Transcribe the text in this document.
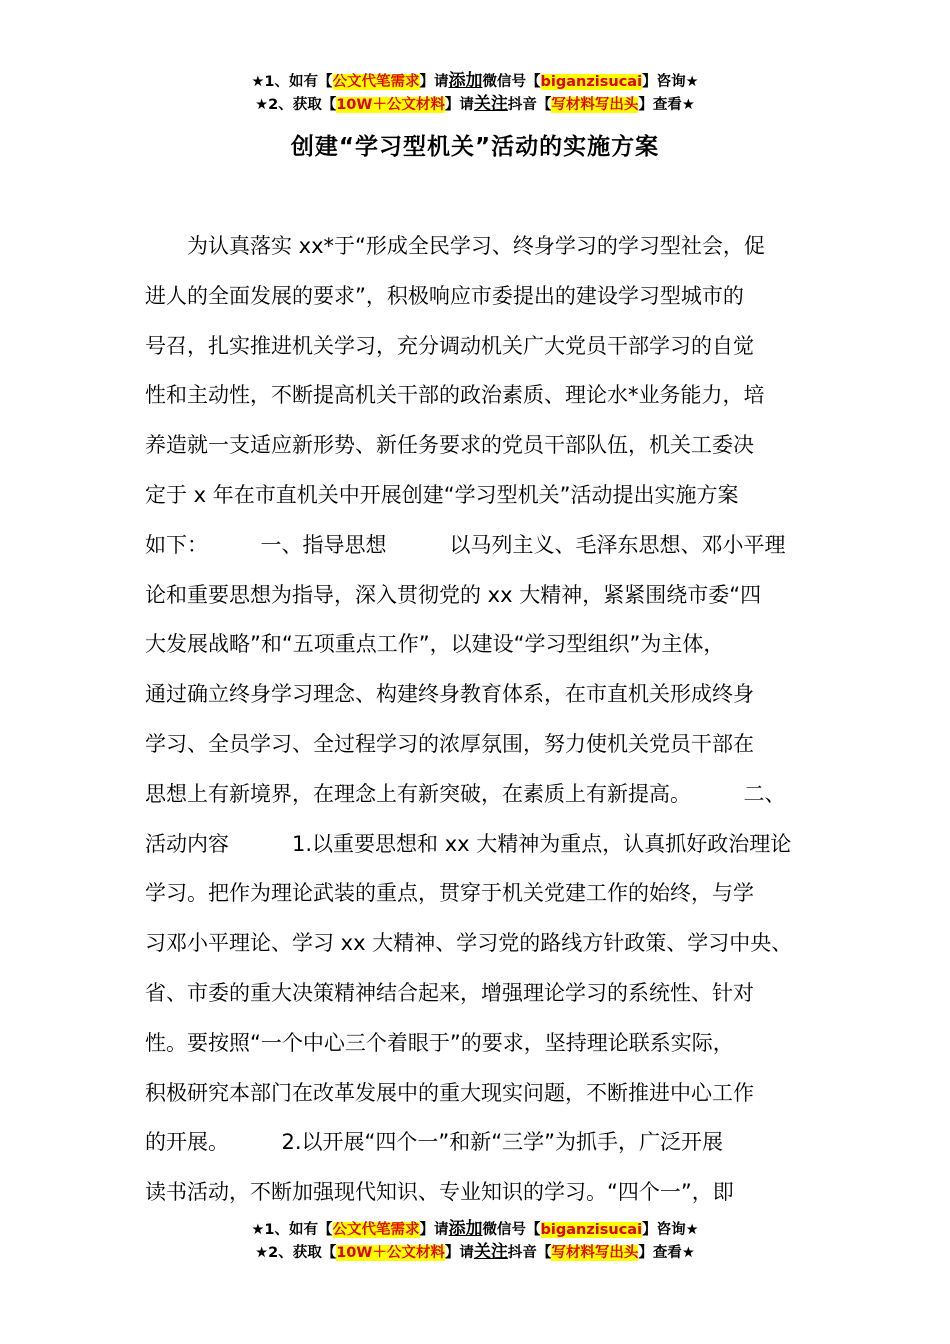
★1、如有【公文代笔需求】请添加微信号【biganzisucai】咨询★
★2、获取【10W＋公文材料】请关注抖音【写材料写出头】查看★
创建“学习型机关”活动的实施方案
为认真落实 xx*于“形成全民学习、终身学习的学习型社会，促
进人的全面发展的要求”，积极响应市委提出的建设学习型城市的
号召，扎实推进机关学习，充分调动机关广大党员干部学习的自觉
性和主动性，不断提高机关干部的政治素质、理论水*业务能力，培
养造就一支适应新形势、新任务要求的党员干部队伍，机关工委决
定于 x 年在市直机关中开展创建“学习型机关”活动提出实施方案
如下：　　　一、指导思想　　　以马列主义、毛泽东思想、邓小平理
论和重要思想为指导，深入贯彻党的 xx 大精神，紧紧围绕市委“四
大发展战略”和“五项重点工作”，以建设“学习型组织”为主体，
通过确立终身学习理念、构建终身教育体系，在市直机关形成终身
学习、全员学习、全过程学习的浓厚氛围，努力使机关党员干部在
思想上有新境界，在理念上有新突破，在素质上有新提高。　　　二、
活动内容　　　1.以重要思想和 xx 大精神为重点，认真抓好政治理论
学习。把作为理论武装的重点，贯穿于机关党建工作的始终，与学
习邓小平理论、学习 xx 大精神、学习党的路线方针政策、学习中央、
省、市委的重大决策精神结合起来，增强理论学习的系统性、针对
性。要按照“一个中心三个着眼于”的要求，坚持理论联系实际，
积极研究本部门在改革发展中的重大现实问题，不断推进中心工作
的开展。　　　2.以开展“四个一”和新“三学”为抓手，广泛开展
读书活动，不断加强现代知识、专业知识的学习。“四个一”，即
★1、如有【公文代笔需求】请添加微信号【biganzisucai】咨询★
★2、获取【10W＋公文材料】请关注抖音【写材料写出头】查看★
